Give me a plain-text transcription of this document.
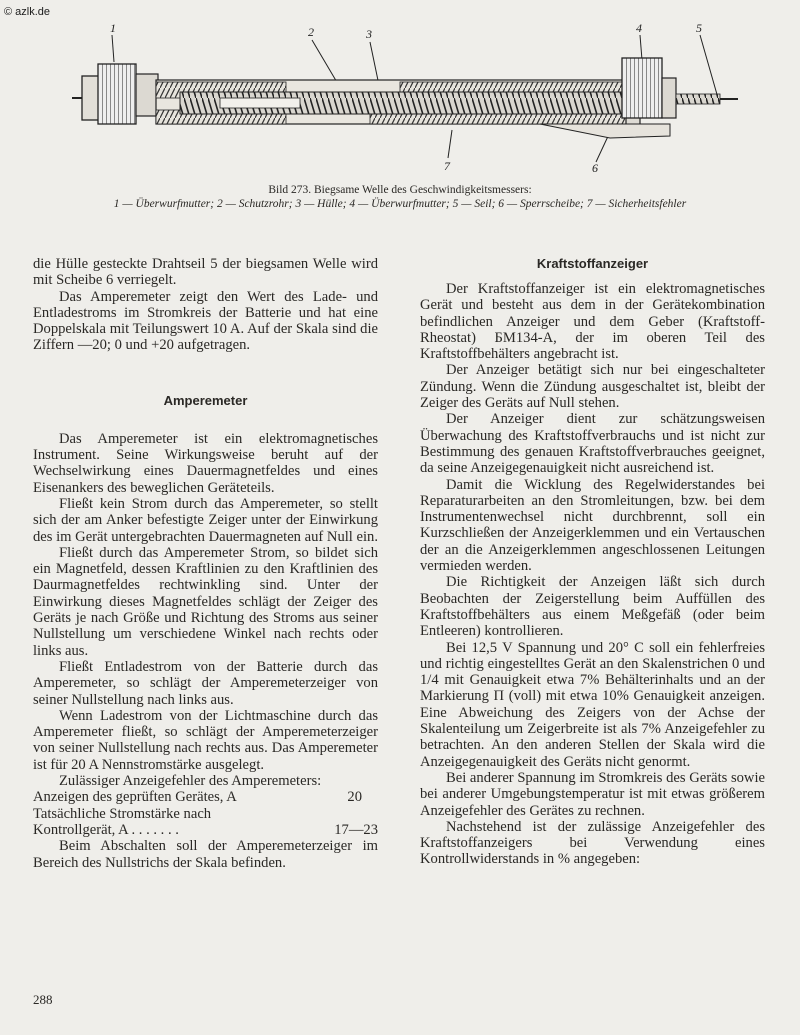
© azlk.de
1	2	3	4	5
6
7
Bild 273. Biegsame Welle des Geschwindigkeitsmessers:
1 — Überwurfmutter; 2 — Schutzrohr; 3 — Hülle; 4 — Überwurfmutter; 5 — Seil; 6 — Sperrscheibe; 7 — Sicherheitsfehler

die Hülle gesteckte Drahtseil 5 der biegsamen Welle wird mit Scheibe 6 verriegelt.

Das Amperemeter zeigt den Wert des Lade- und Entladestroms im Stromkreis der Batterie und hat eine Doppelskala mit Teilungswert 10 A. Auf der Skala sind die Ziffern —20; 0 und +20 aufgetragen.

Amperemeter

Das Amperemeter ist ein elektromagnetisches Instrument. Seine Wirkungsweise beruht auf der Wechselwirkung eines Dauermagnetfeldes und eines Eisenankers des beweglichen Geräteteils.

Fließt kein Strom durch das Amperemeter, so stellt sich der am Anker befestigte Zeiger unter der Einwirkung des im Gerät untergebrachten Dauermagneten auf Null ein.

Fließt durch das Amperemeter Strom, so bildet sich ein Magnetfeld, dessen Kraftlinien zu den Kraftlinien des Daurmagnetfeldes rechtwinkling sind. Unter der Einwirkung dieses Magnetfeldes schlägt der Zeiger des Geräts je nach Größe und Richtung des Stroms aus seiner Nullstellung um verschiedene Winkel nach rechts oder links aus.

Fließt Entladestrom von der Batterie durch das Amperemeter, so schlägt der Amperemeterzeiger von seiner Nullstellung nach links aus.

Wenn Ladestrom von der Lichtmaschine durch das Amperemeter fließt, so schlägt der Amperemeterzeiger von seiner Nullstellung nach rechts aus. Das Amperemeter ist für 20 A Nennstromstärke ausgelegt.

Zulässiger Anzeigefehler des Amperemeters:

Anzeigen des geprüften Gerätes, A	20
Tatsächliche Stromstärke nach
Kontrollgerät, A . . . . . . .	17—23

Beim Abschalten soll der Amperemeterzeiger im Bereich des Nullstrichs der Skala befinden.

Kraftstoffanzeiger

Der Kraftstoffanzeiger ist ein elektromagnetisches Gerät und besteht aus dem in der Gerätekombination befindlichen Anzeiger und dem Geber (Kraftstoff-Rheostat) БМ134-A, der im oberen Teil des Kraftstoffbehälters angebracht ist.

Der Anzeiger betätigt sich nur bei eingeschalteter Zündung. Wenn die Zündung ausgeschaltet ist, bleibt der Zeiger des Geräts auf Null stehen.

Der Anzeiger dient zur schätzungsweisen Überwachung des Kraftstoffverbrauchs und ist nicht zur Bestimmung des genauen Kraftstoffverbrauches geeignet, da seine Anzeigegenauigkeit nicht ausreichend ist.

Damit die Wicklung des Regelwiderstandes bei Reparaturarbeiten an den Stromleitungen, bzw. bei dem Instrumentenwechsel nicht durchbrennt, soll ein Kurzschließen der Anzeigerklemmen und ein Vertauschen der an die Anzeigerklemmen angeschlossenen Leitungen vermieden werden.

Die Richtigkeit der Anzeigen läßt sich durch Beobachten der Zeigerstellung beim Auffüllen des Kraftstoffbehälters aus einem Meßgefäß (oder beim Entleeren) kontrollieren.

Bei 12,5 V Spannung und 20° C soll ein fehlerfreies und richtig eingestelltes Gerät an den Skalenstrichen 0 und 1/4 mit Genauigkeit etwa 7% Behälterinhalts und an der Markierung П (voll) mit etwa 10% Genauigkeit anzeigen. Eine Abweichung des Zeigers von der Achse der Skalenteilung um Zeigerbreite ist als 7% Anzeigefehler zu betrachten. An den anderen Stellen der Skala wird die Anzeigegenauigkeit des Geräts nicht genormt.

Bei anderer Spannung im Stromkreis des Geräts sowie bei anderer Umgebungstemperatur ist mit etwas größerem Anzeigefehler des Gerätes zu rechnen.

Nachstehend ist der zulässige Anzeigefehler des Kraftstoffanzeigers bei Verwendung eines Kontrollwiderstands in % angegeben:

288
